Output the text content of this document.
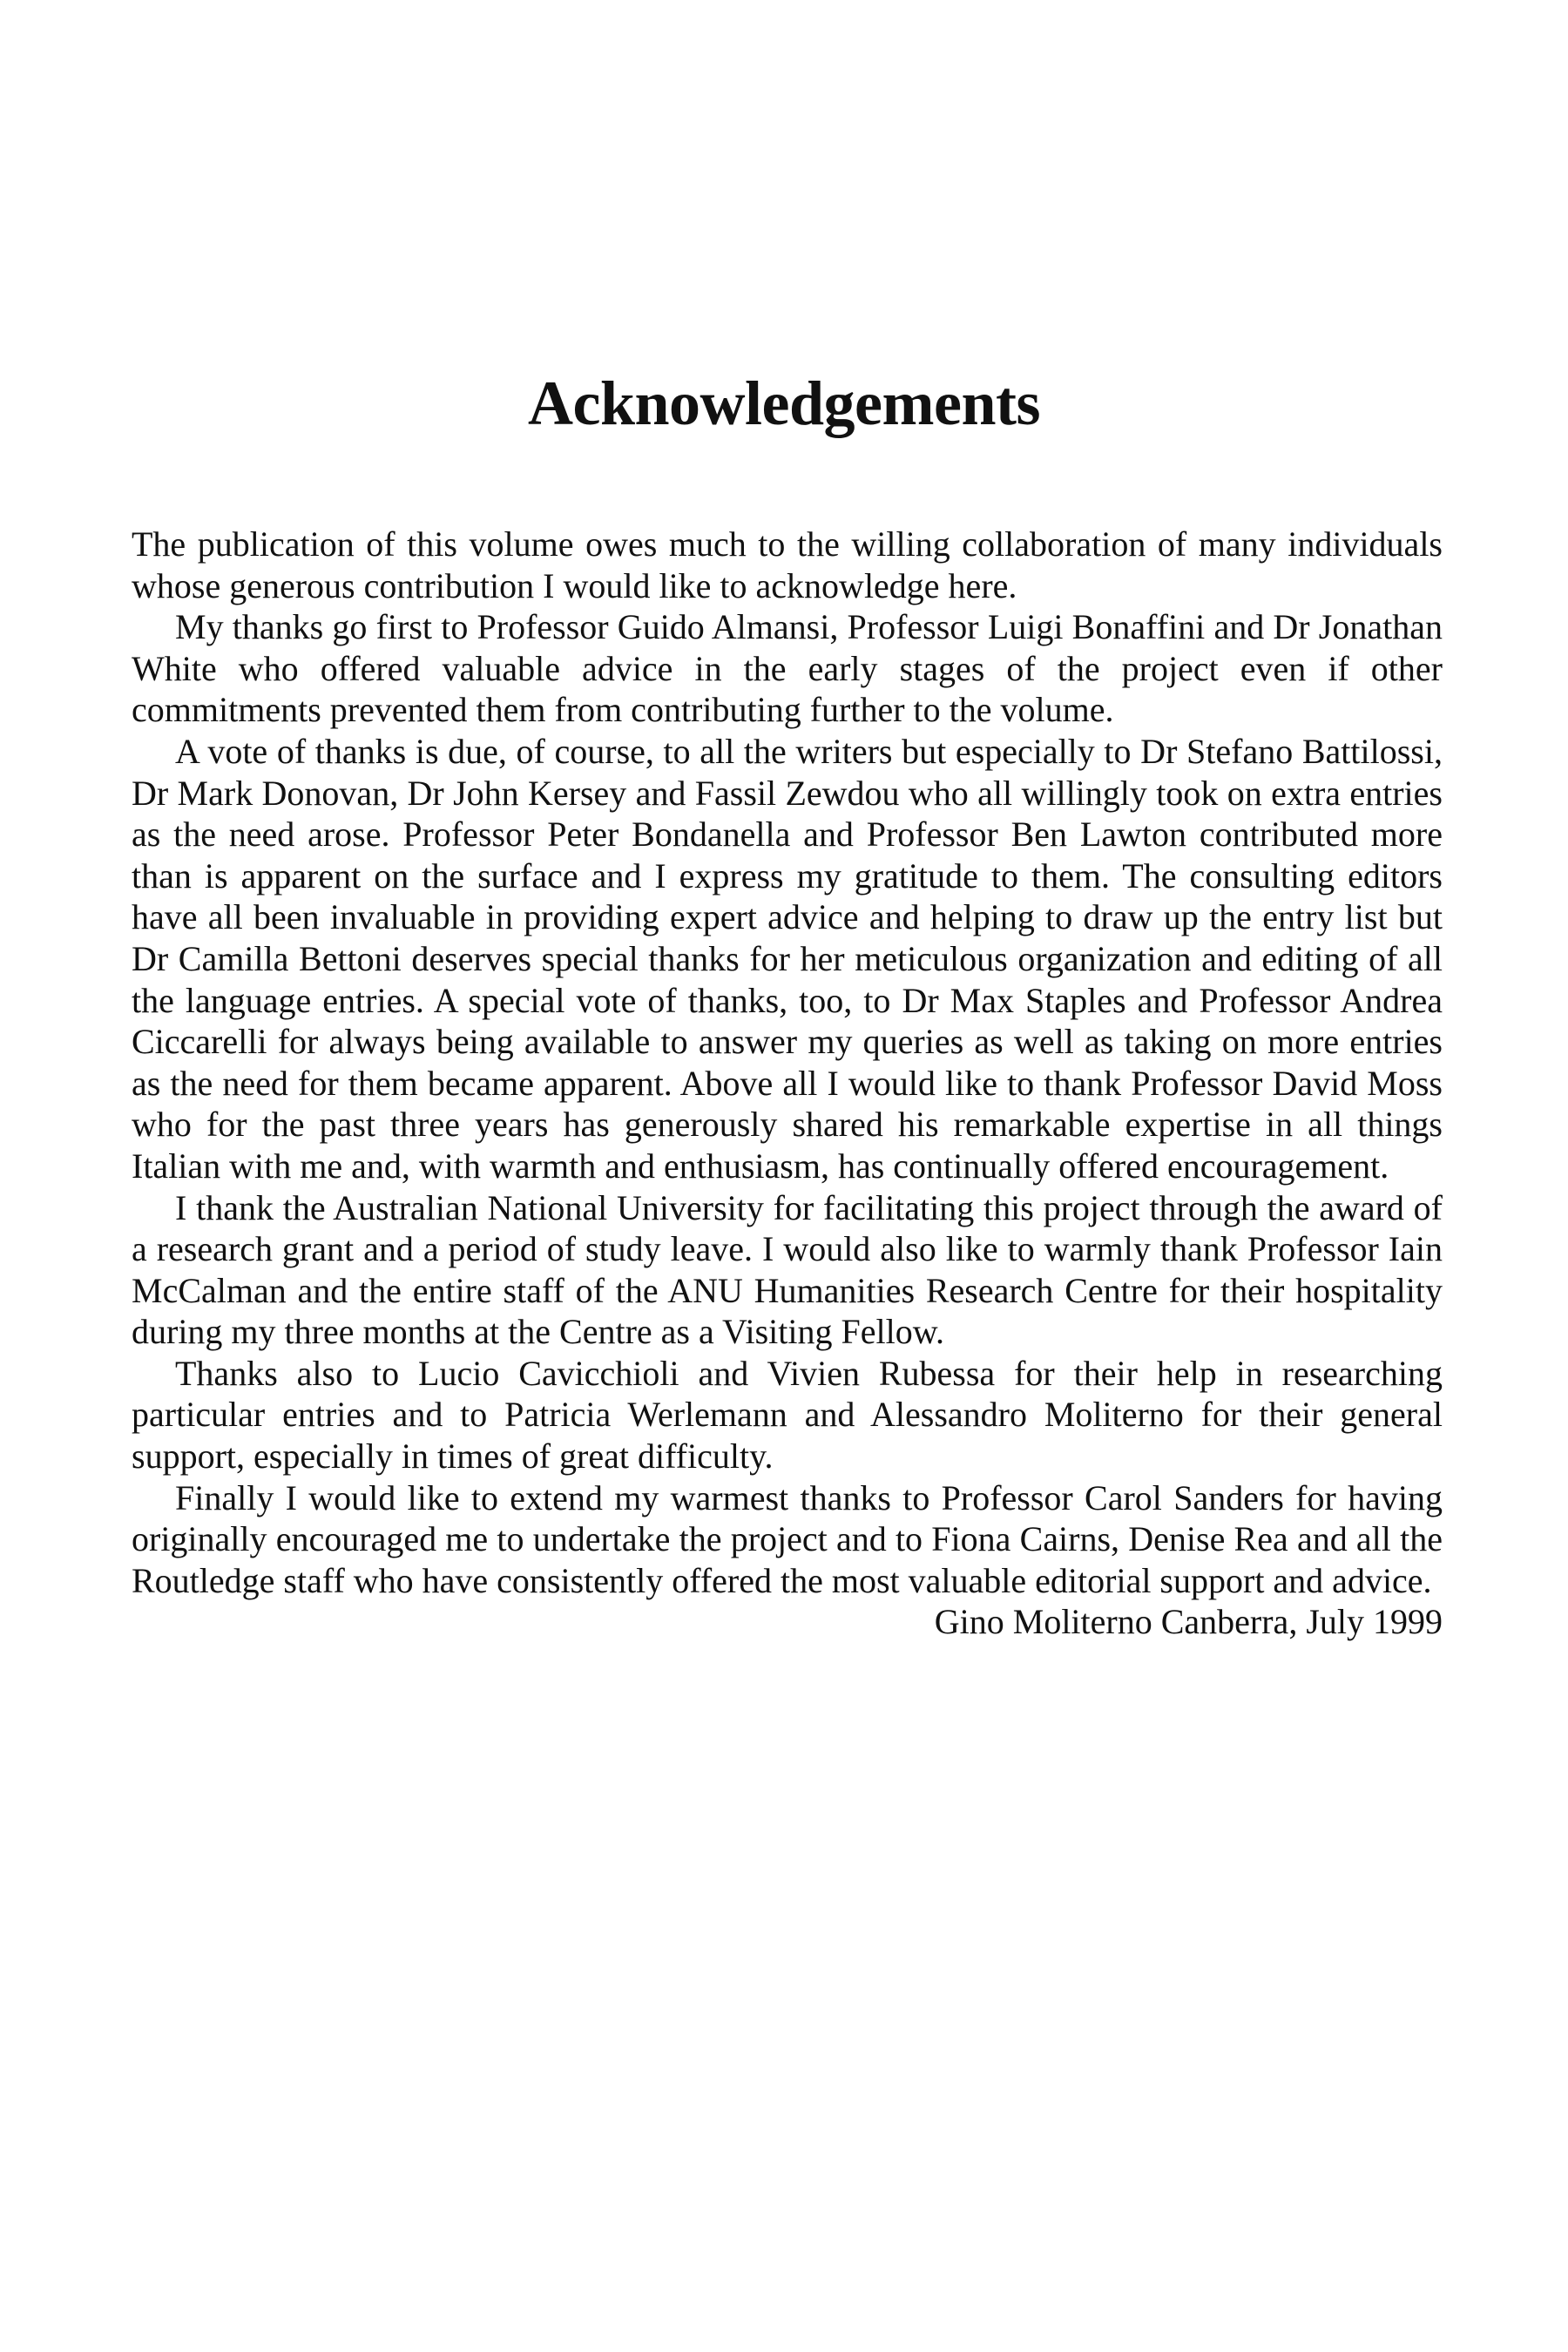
Acknowledgements

The publication of this volume owes much to the willing collaboration of many individuals whose generous contribution I would like to acknowledge here.

My thanks go first to Professor Guido Almansi, Professor Luigi Bonaffini and Dr Jonathan White who offered valuable advice in the early stages of the project even if other commitments prevented them from contributing further to the volume.

A vote of thanks is due, of course, to all the writers but especially to Dr Stefano Battilossi, Dr Mark Donovan, Dr John Kersey and Fassil Zewdou who all willingly took on extra entries as the need arose. Professor Peter Bondanella and Professor Ben Lawton contributed more than is apparent on the surface and I express my gratitude to them. The consulting editors have all been invaluable in providing expert advice and helping to draw up the entry list but Dr Camilla Bettoni deserves special thanks for her meticulous organization and editing of all the language entries. A special vote of thanks, too, to Dr Max Staples and Professor Andrea Ciccarelli for always being available to answer my queries as well as taking on more entries as the need for them became apparent. Above all I would like to thank Professor David Moss who for the past three years has generously shared his remarkable expertise in all things Italian with me and, with warmth and enthusiasm, has continually offered encouragement.

I thank the Australian National University for facilitating this project through the award of a research grant and a period of study leave. I would also like to warmly thank Professor Iain McCalman and the entire staff of the ANU Humanities Research Centre for their hospitality during my three months at the Centre as a Visiting Fellow.

Thanks also to Lucio Cavicchioli and Vivien Rubessa for their help in researching particular entries and to Patricia Werlemann and Alessandro Moliterno for their general support, especially in times of great difficulty.

Finally I would like to extend my warmest thanks to Professor Carol Sanders for having originally encouraged me to undertake the project and to Fiona Cairns, Denise Rea and all the Routledge staff who have consistently offered the most valuable editorial support and advice.

Gino Moliterno Canberra, July 1999
